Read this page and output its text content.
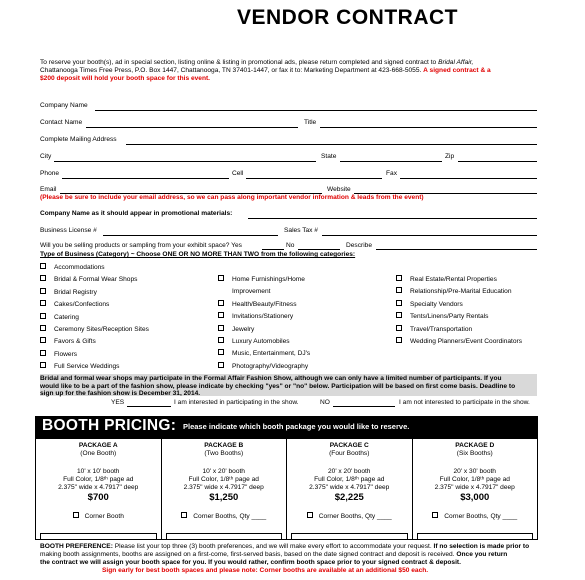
VENDOR CONTRACT
To reserve your booth(s), ad in special section, listing online & listing in promotional ads, please return completed and signed contract to Bridal Affair,
Chattanooga Times Free Press, P.O. Box 1447, Chattanooga, TN 37401-1447, or fax it to: Marketing Department at 423-668-5055. A signed contract & a
$200 deposit will hold your booth space for this event.
Company Name
Contact Name	Title
Complete Mailing Address
City	State	Zip
Phone	Cell	Fax
Email	Website
(Please be sure to include your email address, so we can pass along important vendor information & leads from the event)
Company Name as it should appear in promotional materials:
Business License #	Sales Tax #
Will you be selling products or sampling from your exhibit space? Yes	No	Describe
Type of Business (Category) ~ Choose ONE OR NO MORE THAN TWO from the following categories:
Accommodations
Bridal & Formal Wear Shops
Bridal Registry
Cakes/Confections
Catering
Ceremony Sites/Reception Sites
Favors & Gifts
Flowers
Full Service Weddings
Home Furnishings/Home
Improvement
Health/Beauty/Fitness
Invitations/Stationery
Jewelry
Luxury Automobiles
Music, Entertainment, DJ's
Photography/Videography
Real Estate/Rental Properties
Relationship/Pre-Marital Education
Specialty Vendors
Tents/Linens/Party Rentals
Travel/Transportation
Wedding Planners/Event Coordinators
Bridal and formal wear shops may participate in the Formal Affair Fashion Show, although we can only have a limited number of participants. If you
would like to be a part of the fashion show, please indicate by checking "yes" or "no" below. Participation will be based on first come basis. Deadline to
sign up for the fashion show is December 31, 2014.
YES	I am interested in participating in the show.	NO	I am not interested to participate in the show.
BOOTH PRICING: Please indicate which booth package you would like to reserve.
PACKAGE A
(One Booth)
10' x 10' booth
Full Color, 1/8ᵗʰ page ad
2.375" wide x 4.7917" deep
$700
Corner Booth
PACKAGE B
(Two Booths)
10' x 20' booth
Full Color, 1/8ᵗʰ page ad
2.375" wide x 4.7917" deep
$1,250
Corner Booths, Qty ____
PACKAGE C
(Four Booths)
20' x 20' booth
Full Color, 1/8ᵗʰ page ad
2.375" wide x 4.7917" deep
$2,225
Corner Booths, Qty ____
PACKAGE D
(Six Booths)
20' x 30' booth
Full Color, 1/8ᵗʰ page ad
2.375" wide x 4.7917" deep
$3,000
Corner Booths, Qty ____
BOOTH PREFERENCE: Please list your top three (3) booth preferences, and we will make every effort to accommodate your request. If no selection is made prior to
making booth assignments, booths are assigned on a first-come, first-served basis, based on the date signed contract and deposit is received. Once you return
the contract we will assign your booth space for you. If you would rather, confirm booth space prior to your signed contract & deposit.
Sign early for best booth spaces and please note: Corner booths are available at an additional $50 each.
